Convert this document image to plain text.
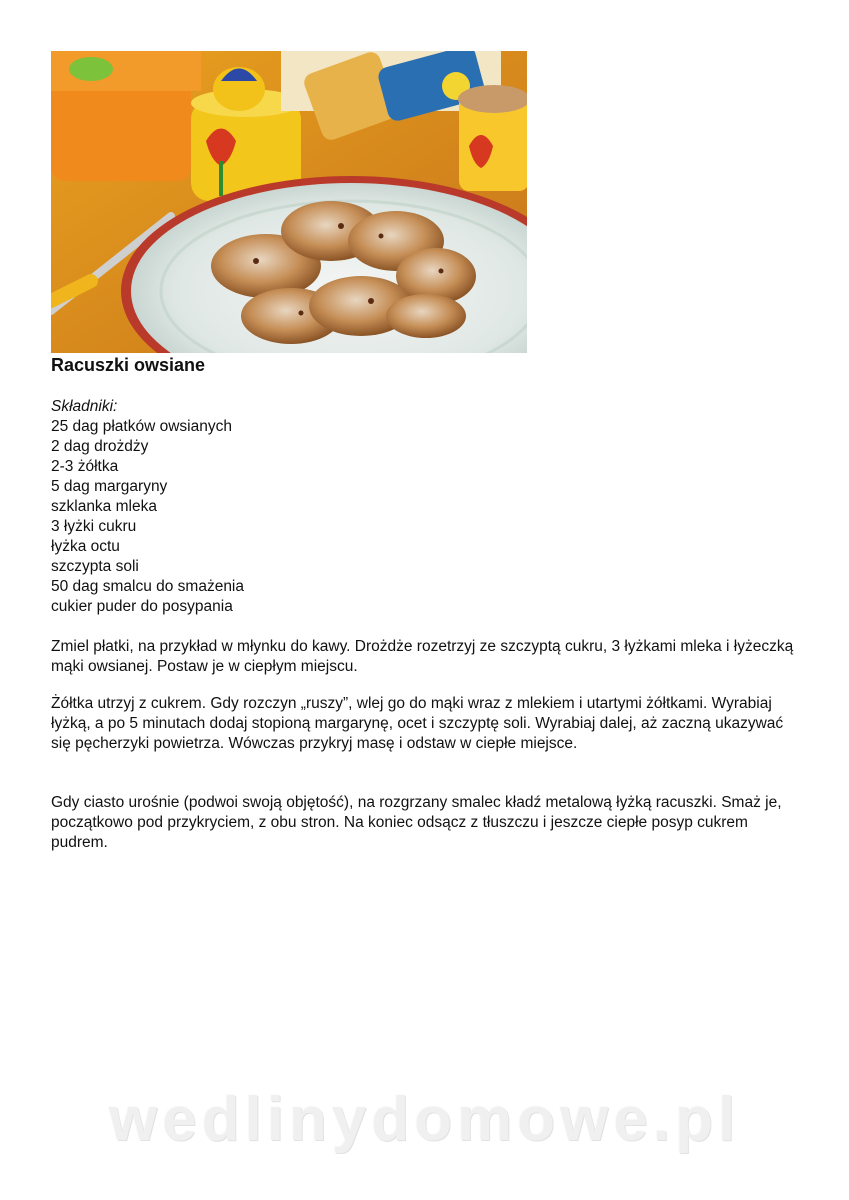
Racuszki owsiane
Składniki:
25 dag płatków owsianych
2 dag drożdży
2-3 żółtka
5 dag margaryny
szklanka mleka
3 łyżki cukru
łyżka octu
szczypta soli
50 dag smalcu do smażenia
cukier puder do posypania

Zmiel płatki, na przykład w młynku do kawy. Drożdże rozetrzyj ze szczyptą cukru, 3 łyżkami mleka i łyżeczką mąki owsianej. Postaw je w ciepłym miejscu.

Żółtka utrzyj z cukrem. Gdy rozczyn „ruszy”, wlej go do mąki wraz z mlekiem i utartymi żółtkami. Wyrabiaj łyżką, a po 5 minutach dodaj stopioną margarynę, ocet i szczyptę soli. Wyrabiaj dalej, aż zaczną ukazywać się pęcherzyki powietrza. Wówczas przykryj masę i odstaw w ciepłe miejsce.

Gdy ciasto urośnie (podwoi swoją objętość), na rozgrzany smalec kładź metalową łyżką racuszki. Smaż je, początkowo pod przykryciem, z obu stron. Na koniec odsącz z tłuszczu i jeszcze ciepłe posyp cukrem pudrem.

wedlinydomowe.pl
